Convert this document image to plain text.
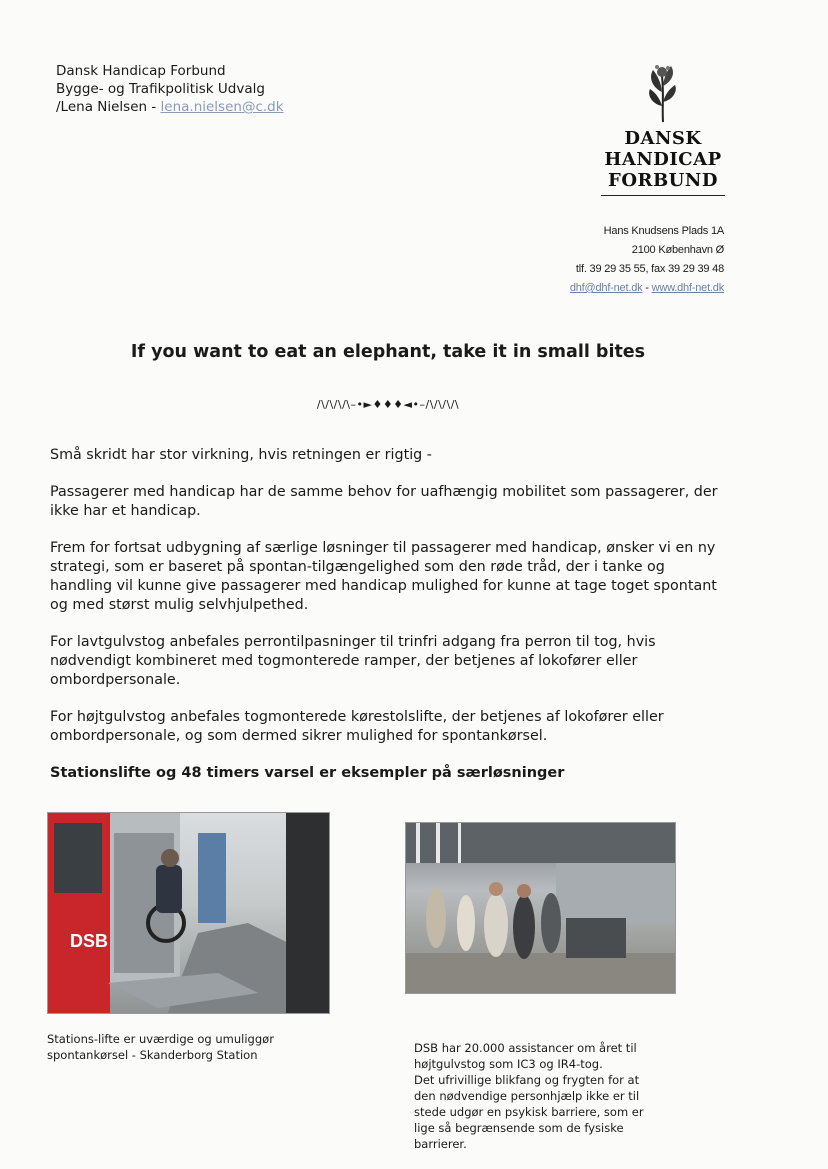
Dansk Handicap Forbund
Bygge- og Trafikpolitisk Udvalg
/Lena Nielsen - lena.nielsen@c.dk
DANSK
HANDICAP
FORBUND
Hans Knudsens Plads 1A
2100 København Ø
tlf. 39 29 35 55, fax 39 29 39 48
dhf@dhf-net.dk - www.dhf-net.dk
If you want to eat an elephant, take it in small bites
/\/\/\/\–•►♦♦♦◄•–/\/\/\/\

Små skridt har stor virkning, hvis retningen er rigtig -

Passagerer med handicap har de samme behov for uafhængig mobilitet som passagerer, der ikke har et handicap.

Frem for fortsat udbygning af særlige løsninger til passagerer med handicap, ønsker vi en ny strategi, som er baseret på spontan-tilgængelighed som den røde tråd, der i tanke og handling vil kunne give passagerer med handicap mulighed for kunne at tage toget spontant og med størst mulig selvhjulpethed.

For lavtgulvstog anbefales perrontilpasninger til trinfri adgang fra perron til tog, hvis nødvendigt kombineret med togmonterede ramper, der betjenes af lokofører eller ombordpersonale.

For højtgulvstog anbefales togmonterede kørestolslifte, der betjenes af lokofører eller ombordpersonale, og som dermed sikrer mulighed for spontankørsel.

Stationslifte og 48 timers varsel er eksempler på særløsninger
DSB
Stations-lifte er uværdige og umuliggør
spontankørsel - Skanderborg Station	DSB har 20.000 assistancer om året til
højtgulvstog som IC3 og IR4-tog.
Det ufrivillige blikfang og frygten for at
den nødvendige personhjælp ikke er til
stede udgør en psykisk barriere, som er
lige så begrænsende som de fysiske
barrierer.
